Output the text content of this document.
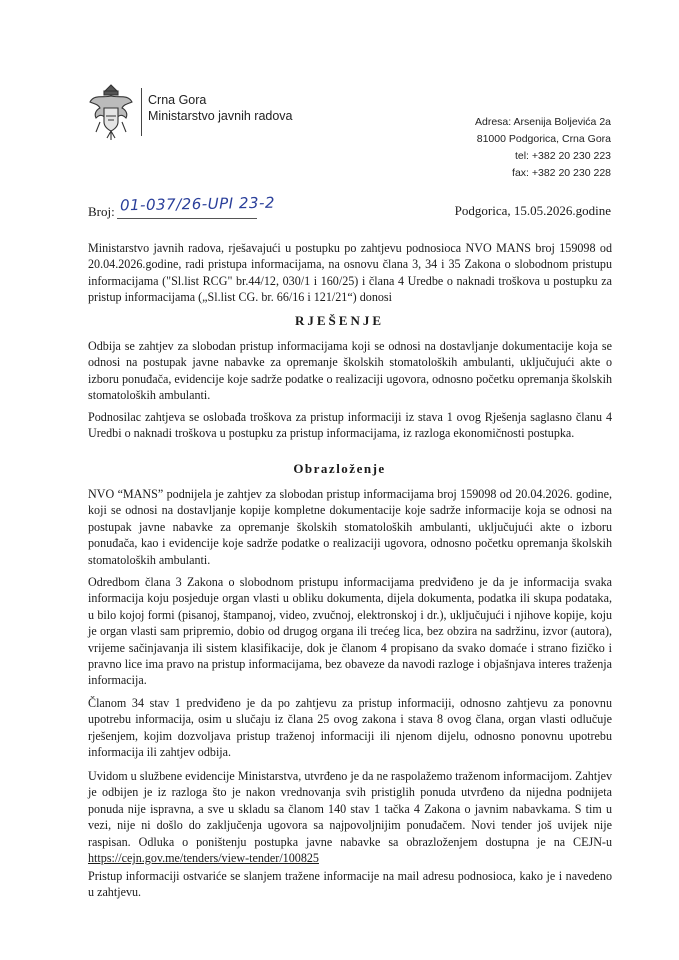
Crna Gora
Ministarstvo javnih radova	Adresa: Arsenija Boljevića 2a
81000 Podgorica, Crna Gora
tel: +382 20 230 223
fax: +382 20 230 228
Broj: 01-037/26-UPI 23-2	Podgorica, 15.05.2026.godine

Ministarstvo javnih radova, rješavajući u postupku po zahtjevu podnosioca NVO MANS broj 159098 od 20.04.2026.godine, radi pristupa informacijama, na osnovu člana 3, 34 i 35 Zakona o slobodnom pristupu informacijama ("Sl.list RCG" br.44/12, 030/1 i 160/25) i člana 4 Uredbe o naknadi troškova u postupku za pristup informacijama („Sl.list CG. br. 66/16 i 121/21“) donosi

RJEŠENJE

Odbija se zahtjev za slobodan pristup informacijama koji se odnosi na dostavljanje dokumentacije koja se odnosi na postupak javne nabavke za opremanje školskih stomatoloških ambulanti, uključujući akte o izboru ponuđača, evidencije koje sadrže podatke o realizaciji ugovora, odnosno početku opremanja školskih stomatoloških ambulanti.

Podnosilac zahtjeva se oslobađa troškova za pristup informaciji iz stava 1 ovog Rješenja saglasno članu 4 Uredbi o naknadi troškova u postupku za pristup informacijama, iz razloga ekonomičnosti postupka.

Obrazloženje

NVO “MANS” podnijela je zahtjev za slobodan pristup informacijama broj 159098 od 20.04.2026. godine, koji se odnosi na dostavljanje kopije kompletne dokumentacije koje sadrže informacije koja se odnosi na postupak javne nabavke za opremanje školskih stomatoloških ambulanti, uključujući akte o izboru ponuđača, kao i evidencije koje sadrže podatke o realizaciji ugovora, odnosno početku opremanja školskih stomatoloških ambulanti.

Odredbom člana 3 Zakona o slobodnom pristupu informacijama predviđeno je da je informacija svaka informacija koju posjeduje organ vlasti u obliku dokumenta, dijela dokumenta, podatka ili skupa podataka, u bilo kojoj formi (pisanoj, štampanoj, video, zvučnoj, elektronskoj i dr.), uključujući i njihove kopije, koju je organ vlasti sam pripremio, dobio od drugog organa ili trećeg lica, bez obzira na sadržinu, izvor (autora), vrijeme sačinjavanja ili sistem klasifikacije, dok je članom 4 propisano da svako domaće i strano fizičko i pravno lice ima pravo na pristup informacijama, bez obaveze da navodi razloge i objašnjava interes traženja informacija.

Članom 34 stav 1 predviđeno je da po zahtjevu za pristup informaciji, odnosno zahtjevu za ponovnu upotrebu informacija, osim u slučaju iz člana 25 ovog zakona i stava 8 ovog člana, organ vlasti odlučuje rješenjem, kojim dozvoljava pristup traženoj informaciji ili njenom dijelu, odnosno ponovnu upotrebu informacija ili zahtjev odbija.

Uvidom u službene evidencije Ministarstva, utvrđeno je da ne raspolažemo traženom informacijom. Zahtjev je odbijen je iz razloga što je nakon vrednovanja svih pristiglih ponuda utvrđeno da nijedna podnijeta ponuda nije ispravna, a sve u skladu sa članom 140 stav 1 tačka 4 Zakona o javnim nabavkama. S tim u vezi, nije ni došlo do zaključenja ugovora sa najpovoljnijim ponuđačem. Novi tender još uvijek nije raspisan. Odluka o poništenju postupka javne nabavke sa obrazloženjem dostupna je na CEJN-u https://cejn.gov.me/tenders/view-tender/100825

Pristup informaciji ostvariće se slanjem tražene informacije na mail adresu podnosioca, kako je i navedeno u zahtjevu.
